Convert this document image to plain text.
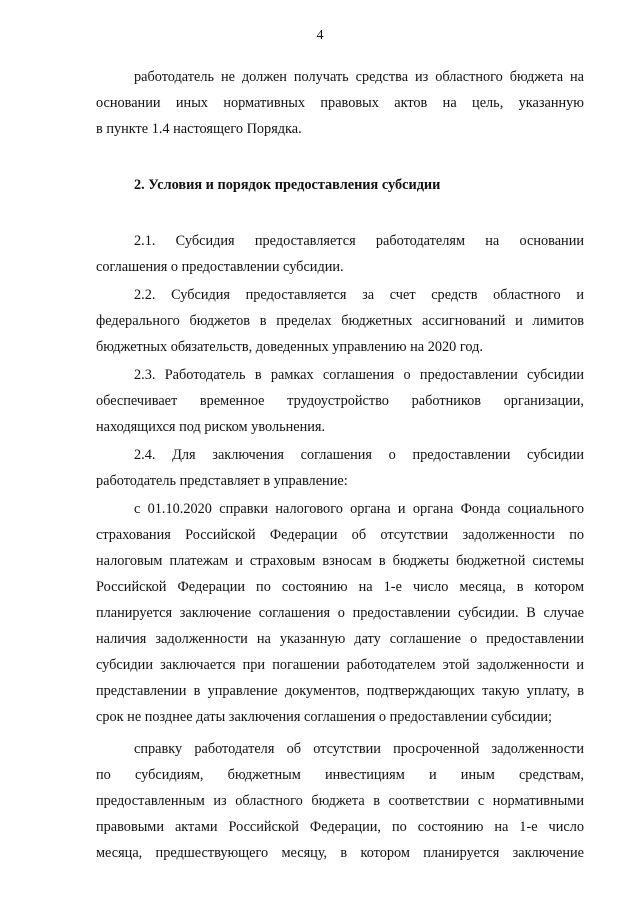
4
работодатель не должен получать средства из областного бюджета на
основании иных нормативных правовых актов на цель, указанную
в пункте 1.4 настоящего Порядка.
2. Условия и порядок предоставления субсидии
2.1. Субсидия предоставляется работодателям на основании
соглашения о предоставлении субсидии.
2.2. Субсидия предоставляется за счет средств областного и
федерального бюджетов в пределах бюджетных ассигнований и лимитов
бюджетных обязательств, доведенных управлению на 2020 год.
2.3. Работодатель в рамках соглашения о предоставлении субсидии
обеспечивает временное трудоустройство работников организации,
находящихся под риском увольнения.
2.4. Для заключения соглашения о предоставлении субсидии
работодатель представляет в управление:
с 01.10.2020 справки налогового органа и органа Фонда социального
страхования Российской Федерации об отсутствии задолженности по
налоговым платежам и страховым взносам в бюджеты бюджетной системы
Российской Федерации по состоянию на 1-е число месяца, в котором
планируется заключение соглашения о предоставлении субсидии. В случае
наличия задолженности на указанную дату соглашение о предоставлении
субсидии заключается при погашении работодателем этой задолженности и
представлении в управление документов, подтверждающих такую уплату, в
срок не позднее даты заключения соглашения о предоставлении субсидии;
справку работодателя об отсутствии просроченной задолженности
по субсидиям, бюджетным инвестициям и иным средствам,
предоставленным из областного бюджета в соответствии с нормативными
правовыми актами Российской Федерации, по состоянию на 1-е число
месяца, предшествующего месяцу, в котором планируется заключение
